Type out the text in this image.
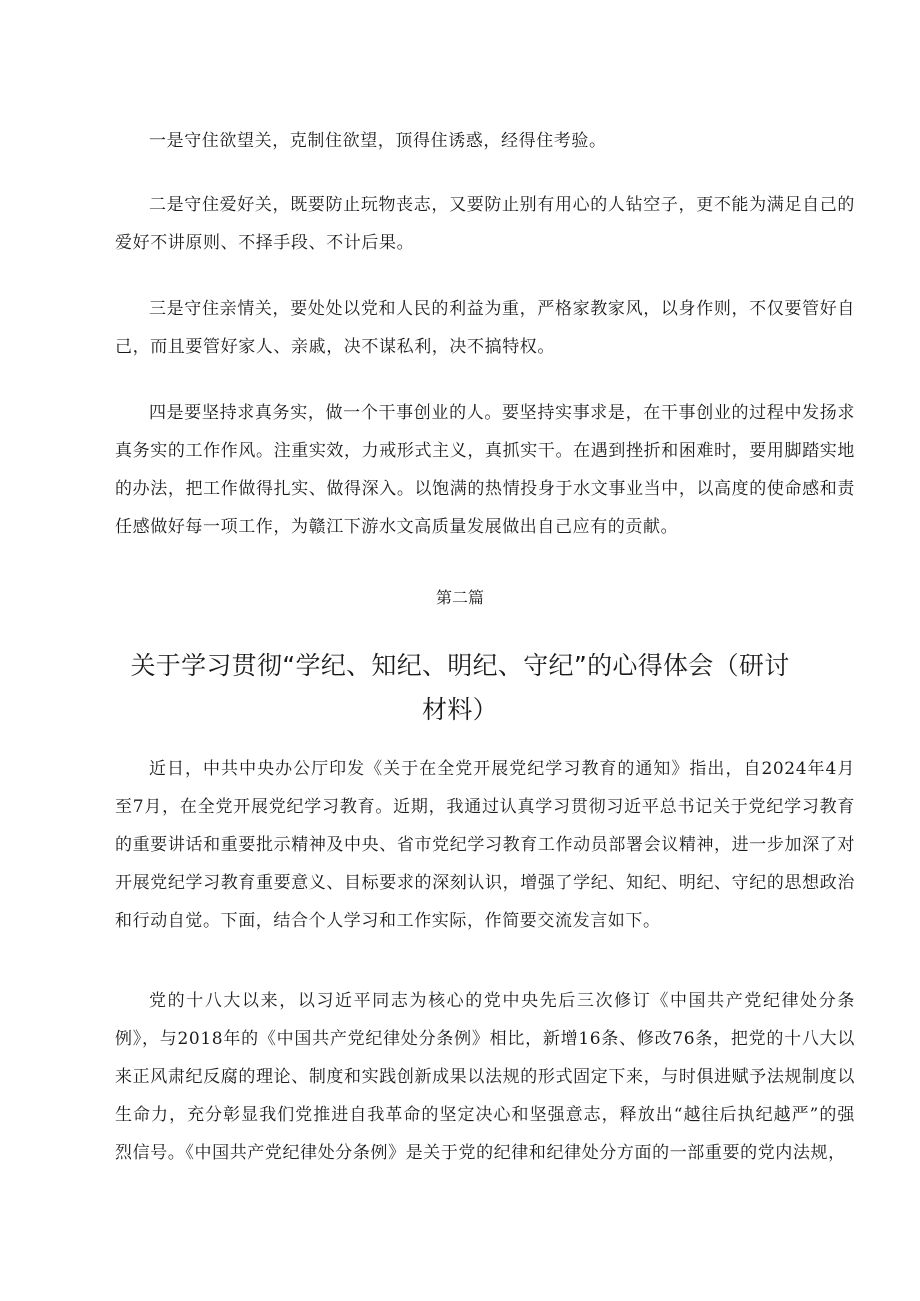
一是守住欲望关，克制住欲望，顶得住诱惑，经得住考验。

二是守住爱好关，既要防止玩物丧志，又要防止别有用心的人钻空子，更不能为满足自己的爱好不讲原则、不择手段、不计后果。

三是守住亲情关，要处处以党和人民的利益为重，严格家教家风，以身作则，不仅要管好自己，而且要管好家人、亲戚，决不谋私利，决不搞特权。

四是要坚持求真务实，做一个干事创业的人。要坚持实事求是，在干事创业的过程中发扬求真务实的工作作风。注重实效，力戒形式主义，真抓实干。在遇到挫折和困难时，要用脚踏实地的办法，把工作做得扎实、做得深入。以饱满的热情投身于水文事业当中，以高度的使命感和责任感做好每一项工作，为赣江下游水文高质量发展做出自己应有的贡献。

第二篇

关于学习贯彻“学纪、知纪、明纪、守纪”的心得体会（研讨材料）

近日，中共中央办公厅印发《关于在全党开展党纪学习教育的通知》指出，自2024年4月至7月，在全党开展党纪学习教育。近期，我通过认真学习贯彻习近平总书记关于党纪学习教育的重要讲话和重要批示精神及中央、省市党纪学习教育工作动员部署会议精神，进一步加深了对开展党纪学习教育重要意义、目标要求的深刻认识，增强了学纪、知纪、明纪、守纪的思想政治和行动自觉。下面，结合个人学习和工作实际，作简要交流发言如下。

党的十八大以来，以习近平同志为核心的党中央先后三次修订《中国共产党纪律处分条例》，与2018年的《中国共产党纪律处分条例》相比，新增16条、修改76条，把党的十八大以来正风肃纪反腐的理论、制度和实践创新成果以法规的形式固定下来，与时俱进赋予法规制度以生命力，充分彰显我们党推进自我革命的坚定决心和坚强意志，释放出“越往后执纪越严”的强烈信号。《中国共产党纪律处分条例》是关于党的纪律和纪律处分方面的一部重要的党内法规，
